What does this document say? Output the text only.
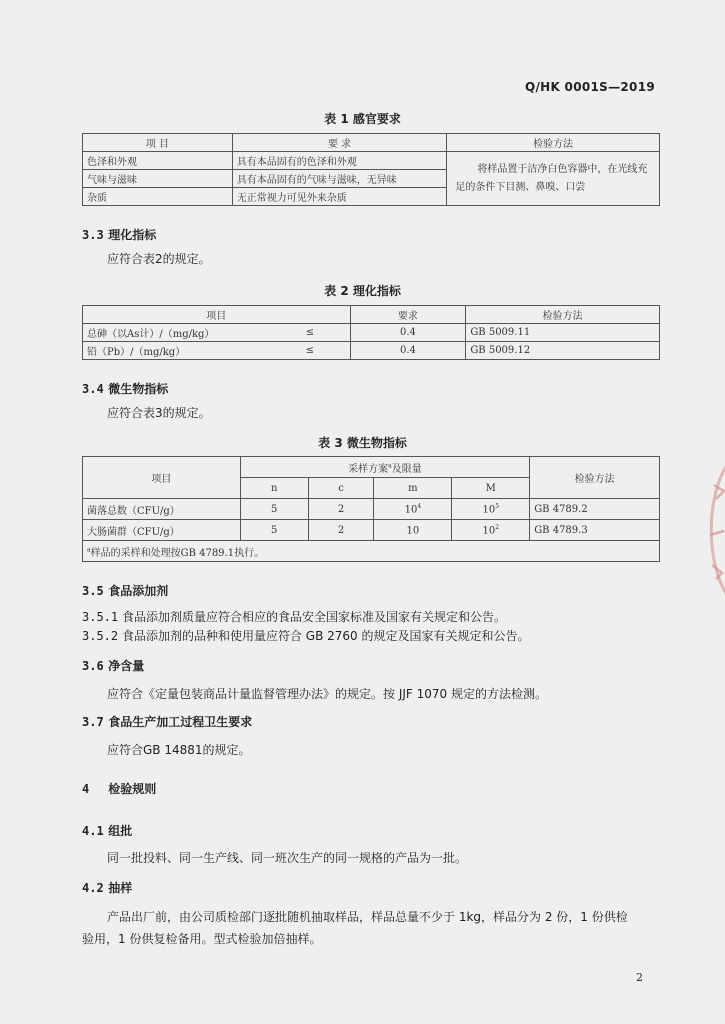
Q/HK 0001S—2019
表 1 感官要求
项 目	要 求	检验方法
色泽和外观	具有本品固有的色泽和外观	将样品置于洁净白色容器中，在光线充足的条件下目测、鼻嗅、口尝
气味与滋味	具有本品固有的气味与滋味，无异味	
杂质	无正常视力可见外来杂质	
3.3 理化指标
应符合表2的规定。
表 2 理化指标
项目		要求	检验方法
总砷（以As计）/（mg/kg）	≤	0.4	GB 5009.11
铅（Pb）/（mg/kg）	≤	0.4	GB 5009.12
3.4 微生物指标
应符合表3的规定。
表 3 微生物指标
项目	采样方案$^a$及限量				检验方法
	n	c	m	M	
菌落总数（CFU/g）	5	2	$10^4$	$10^5$	GB 4789.2
大肠菌群（CFU/g）	5	2	10	$10^2$	GB 4789.3
$^a$样品的采样和处理按GB 4789.1执行。					
3.5 食品添加剂
3.5.1 食品添加剂质量应符合相应的食品安全国家标准及国家有关规定和公告。
3.5.2 食品添加剂的品种和使用量应符合 GB 2760 的规定及国家有关规定和公告。
3.6 净含量
应符合《定量包装商品计量监督管理办法》的规定。按 JJF 1070 规定的方法检测。
3.7 食品生产加工过程卫生要求
应符合GB 14881的规定。
4 检验规则
4.1 组批
同一批投料、同一生产线、同一班次生产的同一规格的产品为一批。
4.2 抽样
产品出厂前，由公司质检部门逐批随机抽取样品，样品总量不少于 1kg，样品分为 2 份，1 份供检
验用，1 份供复检备用。型式检验加倍抽样。
2
